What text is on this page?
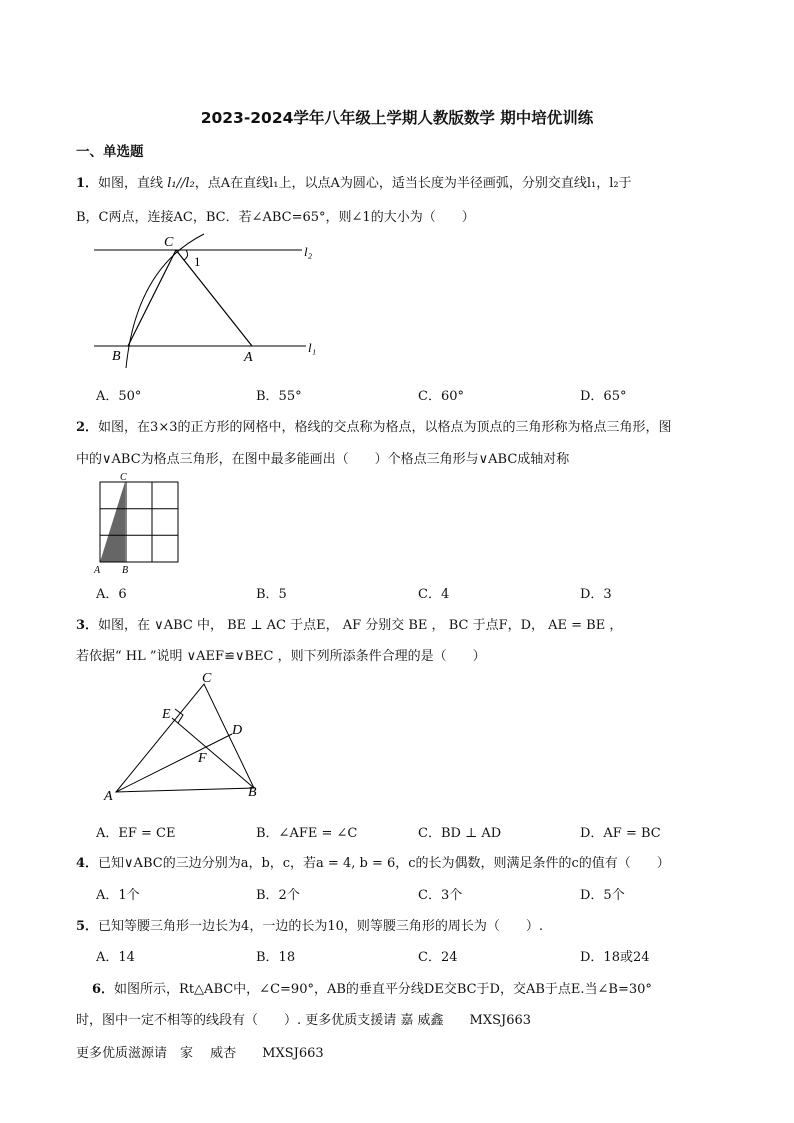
2023-2024学年八年级上学期人教版数学 期中培优训练
一、单选题
1．如图，直线 l₁//l₂，点A在直线l₁上，以点A为圆心，适当长度为半径画弧，分别交直线l₁，l₂于
B，C两点，连接AC，BC．若∠ABC=65°，则∠1的大小为（　　）
C
1
B	A
l₂
l₁
A．50°	B．55°	C．60°	D．65°
2．如图，在3×3的正方形的网格中，格线的交点称为格点，以格点为顶点的三角形称为格点三角形，图
中的∨ABC为格点三角形，在图中最多能画出（　　）个格点三角形与∨ABC成轴对称
C
A B
A．6	B．5	C．4	D．3
3．如图，在 ∨ABC 中， BE ⊥ AC 于点E， AF 分别交 BE ， BC 于点F，D， AE = BE ，
若依据“ HL ”说明 ∨AEF≌∨BEC ，则下列所添条件合理的是（　　）
C
E
D
F
A	B
A．EF = CE	B．∠AFE = ∠C	C．BD ⊥ AD	D．AF = BC
4．已知∨ABC的三边分别为a，b，c，若a = 4, b = 6，c的长为偶数，则满足条件的c的值有（　　）
A．1个	B．2个	C．3个	D．5个
5．已知等腰三角形一边长为4，一边的长为10，则等腰三角形的周长为（　　）.
A．14	B．18	C．24	D．18或24
6．如图所示，Rt△ABC中，∠C=90°，AB的垂直平分线DE交BC于D，交AB于点E.当∠B=30°
时，图中一定不相等的线段有（　　）. 更多优质支援请 嘉 威鑫　　MXSJ663
更多优质滋源请　家　 威杏　　MXSJ663
